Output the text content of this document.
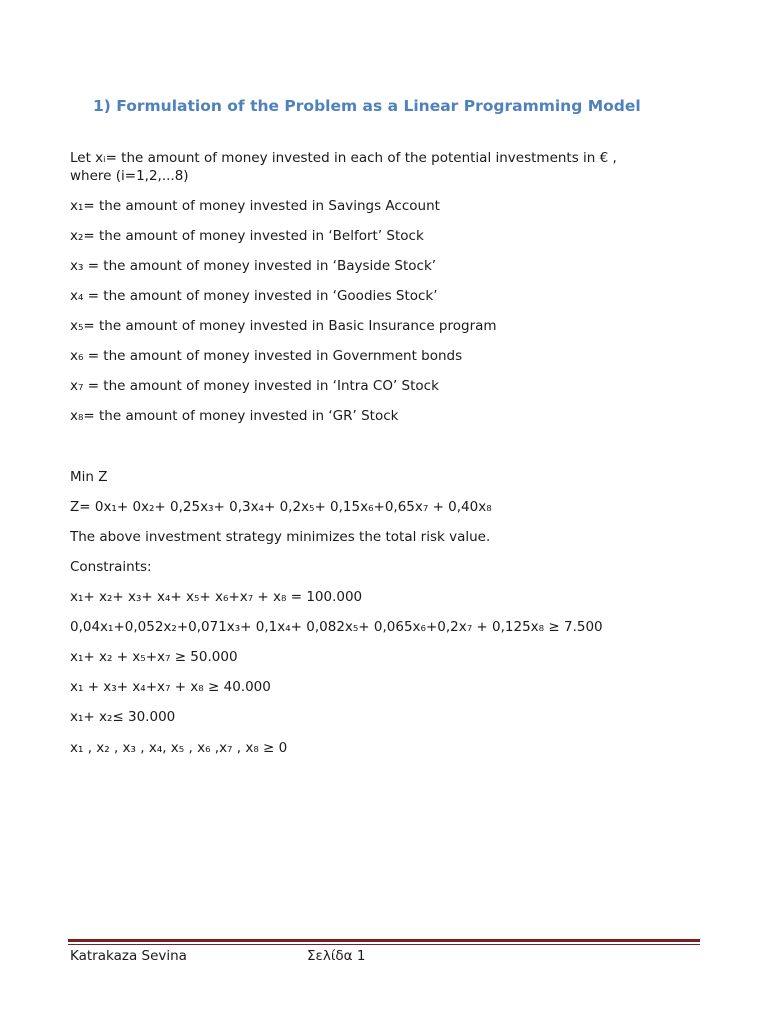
1) Formulation of the Problem as a Linear Programming Model
Let xᵢ= the amount of money invested in each of the potential investments in € ,
where (i=1,2,...8)
x₁= the amount of money invested in Savings Account
x₂= the amount of money invested in ‘Belfort’ Stock
x₃ = the amount of money invested in ‘Bayside Stock’
x₄ = the amount of money invested in ‘Goodies Stock’
x₅= the amount of money invested in Basic Insurance program
x₆ = the amount of money invested in Government bonds
x₇ = the amount of money invested in ‘Intra CO’ Stock
x₈= the amount of money invested in ‘GR’ Stock
Min Z
Z= 0x₁+ 0x₂+ 0,25x₃+ 0,3x₄+ 0,2x₅+ 0,15x₆+0,65x₇ + 0,40x₈
The above investment strategy minimizes the total risk value.
Constraints:
x₁+ x₂+ x₃+ x₄+ x₅+ x₆+x₇ + x₈ = 100.000
0,04x₁+0,052x₂+0,071x₃+ 0,1x₄+ 0,082x₅+ 0,065x₆+0,2x₇ + 0,125x₈ ≥ 7.500
x₁+ x₂ + x₅+x₇ ≥ 50.000
x₁ + x₃+ x₄+x₇ + x₈ ≥ 40.000
x₁+ x₂≤ 30.000
x₁ , x₂ , x₃ , x₄, x₅ , x₆ ,x₇ , x₈ ≥ 0
Katrakaza Sevina	Σελίδα 1
